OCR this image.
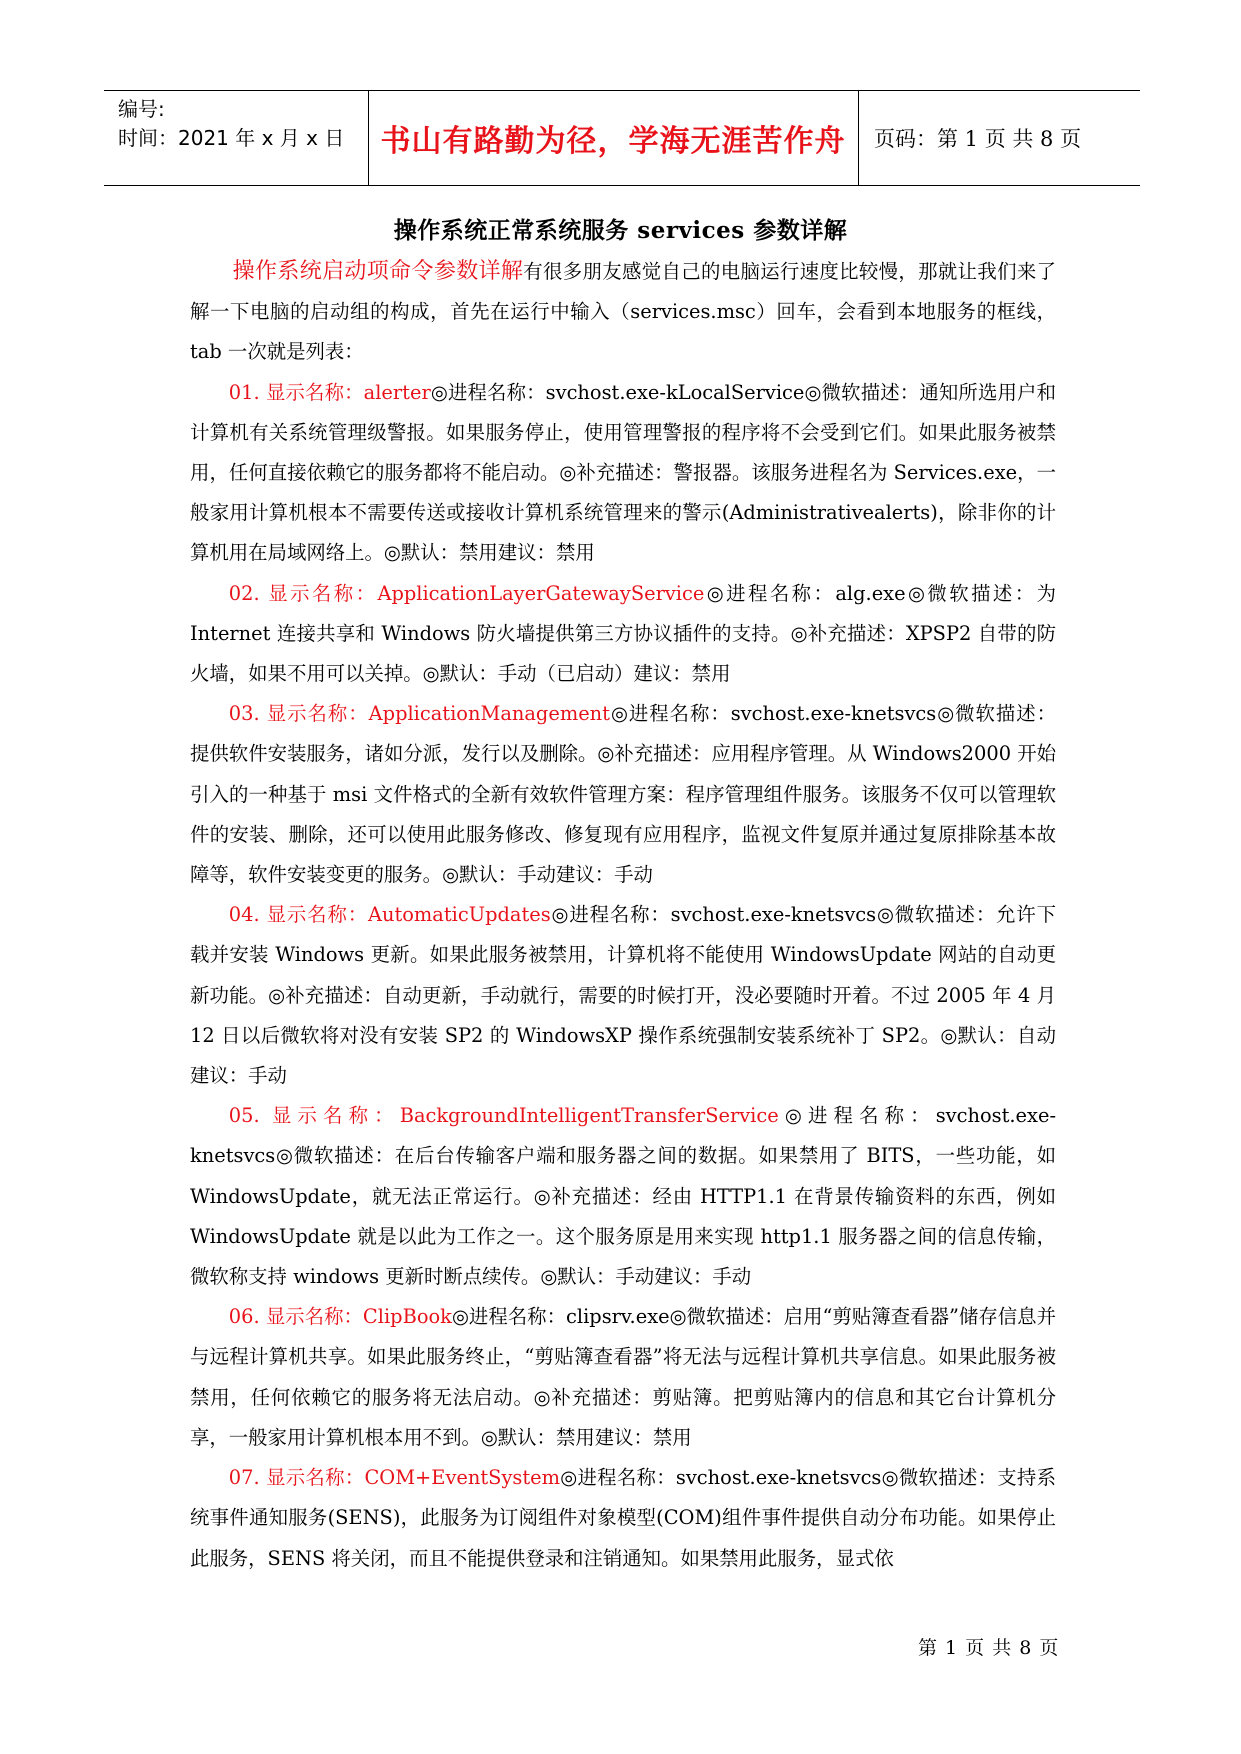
编号:
时间：2021 年 x 月 x 日	书山有路勤为径，学海无涯苦作舟	页码：第 1 页 共 8 页
操作系统正常系统服务 services 参数详解

操作系统启动项命令参数详解有很多朋友感觉自己的电脑运行速度比较慢，那就让我们来了解一下电脑的启动组的构成，首先在运行中输入（services.msc）回车，会看到本地服务的框线，tab 一次就是列表：

01. 显示名称：alerter◎进程名称：svchost.exe-kLocalService◎微软描述：通知所选用户和计算机有关系统管理级警报。如果服务停止，使用管理警报的程序将不会受到它们。如果此服务被禁用，任何直接依赖它的服务都将不能启动。◎补充描述：警报器。该服务进程名为 Services.exe，一般家用计算机根本不需要传送或接收计算机系统管理来的警示(Administrativealerts)，除非你的计算机用在局域网络上。◎默认：禁用建议：禁用

02. 显示名称：ApplicationLayerGatewayService◎进程名称：alg.exe◎微软描述：为 Internet 连接共享和 Windows 防火墙提供第三方协议插件的支持。◎补充描述：XPSP2 自带的防火墙，如果不用可以关掉。◎默认：手动（已启动）建议：禁用

03. 显示名称：ApplicationManagement◎进程名称：svchost.exe-knetsvcs◎微软描述：提供软件安装服务，诸如分派，发行以及删除。◎补充描述：应用程序管理。从 Windows2000 开始引入的一种基于 msi 文件格式的全新有效软件管理方案：程序管理组件服务。该服务不仅可以管理软件的安装、删除，还可以使用此服务修改、修复现有应用程序，监视文件复原并通过复原排除基本故障等，软件安装变更的服务。◎默认：手动建议：手动

04. 显示名称：AutomaticUpdates◎进程名称：svchost.exe-knetsvcs◎微软描述：允许下载并安装 Windows 更新。如果此服务被禁用，计算机将不能使用 WindowsUpdate 网站的自动更新功能。◎补充描述：自动更新，手动就行，需要的时候打开，没必要随时开着。不过 2005 年 4 月 12 日以后微软将对没有安装 SP2 的 WindowsXP 操作系统强制安装系统补丁 SP2。◎默认：自动建议：手动

05. 显示名称：BackgroundIntelligentTransferService◎进程名称：svchost.exe-knetsvcs◎微软描述：在后台传输客户端和服务器之间的数据。如果禁用了 BITS，一些功能，如 WindowsUpdate，就无法正常运行。◎补充描述：经由 HTTP1.1 在背景传输资料的东西，例如 WindowsUpdate 就是以此为工作之一。这个服务原是用来实现 http1.1 服务器之间的信息传输，微软称支持 windows 更新时断点续传。◎默认：手动建议：手动

06. 显示名称：ClipBook◎进程名称：clipsrv.exe◎微软描述：启用“剪贴簿查看器”储存信息并与远程计算机共享。如果此服务终止，“剪贴簿查看器”将无法与远程计算机共享信息。如果此服务被禁用，任何依赖它的服务将无法启动。◎补充描述：剪贴簿。把剪贴簿内的信息和其它台计算机分享，一般家用计算机根本用不到。◎默认：禁用建议：禁用

07. 显示名称：COM+EventSystem◎进程名称：svchost.exe-knetsvcs◎微软描述：支持系统事件通知服务(SENS)，此服务为订阅组件对象模型(COM)组件事件提供自动分布功能。如果停止此服务，SENS 将关闭，而且不能提供登录和注销通知。如果禁用此服务，显式依

第 1 页 共 8 页
